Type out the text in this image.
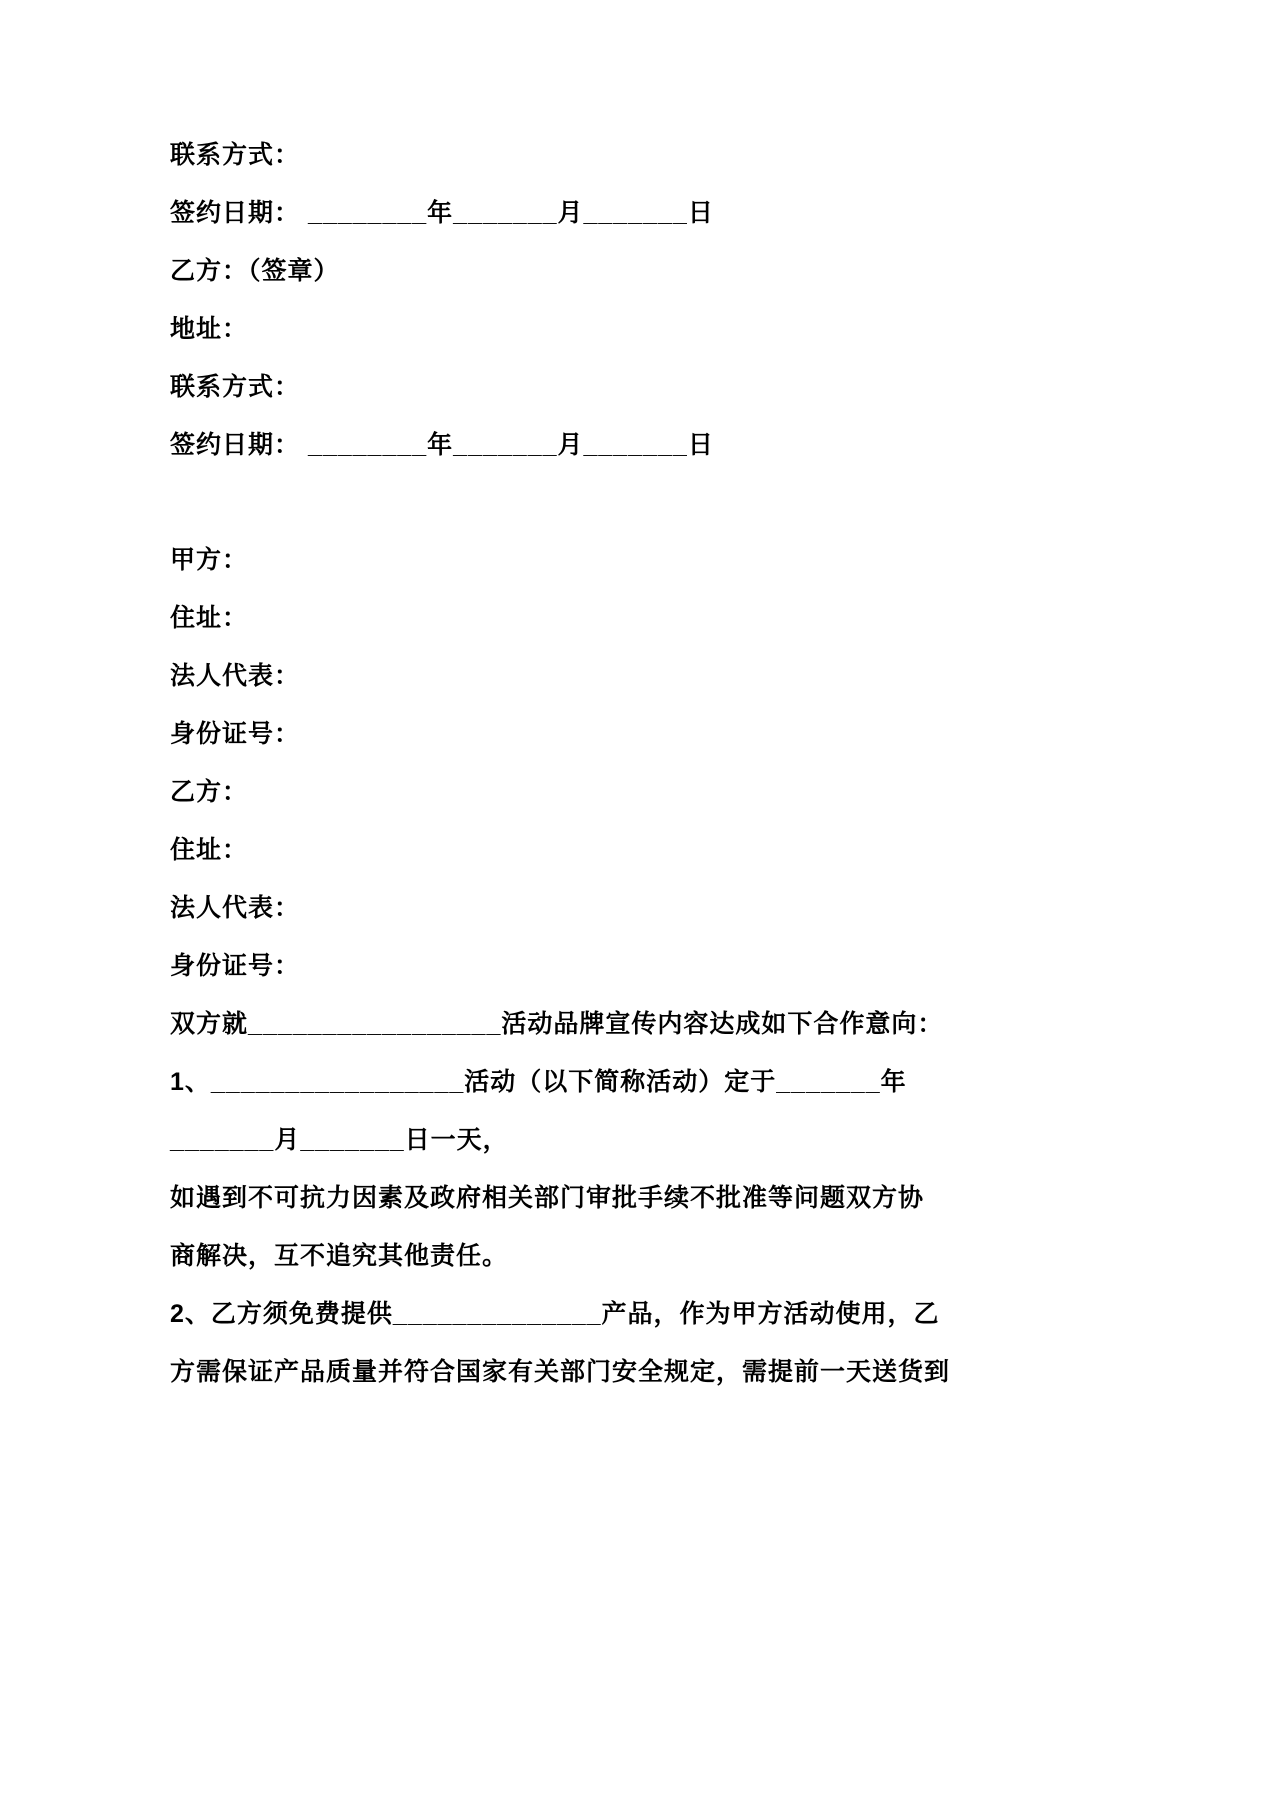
联系方式：
签约日期： ________年_______月_______日
乙方：（签章）
地址：
联系方式：
签约日期： ________年_______月_______日
甲方：
住址：
法人代表：
身份证号：
乙方：
住址：
法人代表：
身份证号：
双方就_________________活动品牌宣传内容达成如下合作意向：
1、_________________活动（以下简称活动）定于_______年
_______月_______日一天，
如遇到不可抗力因素及政府相关部门审批手续不批准等问题双方协
商解决，互不追究其他责任。
2、乙方须免费提供______________产品，作为甲方活动使用，乙
方需保证产品质量并符合国家有关部门安全规定，需提前一天送货到
